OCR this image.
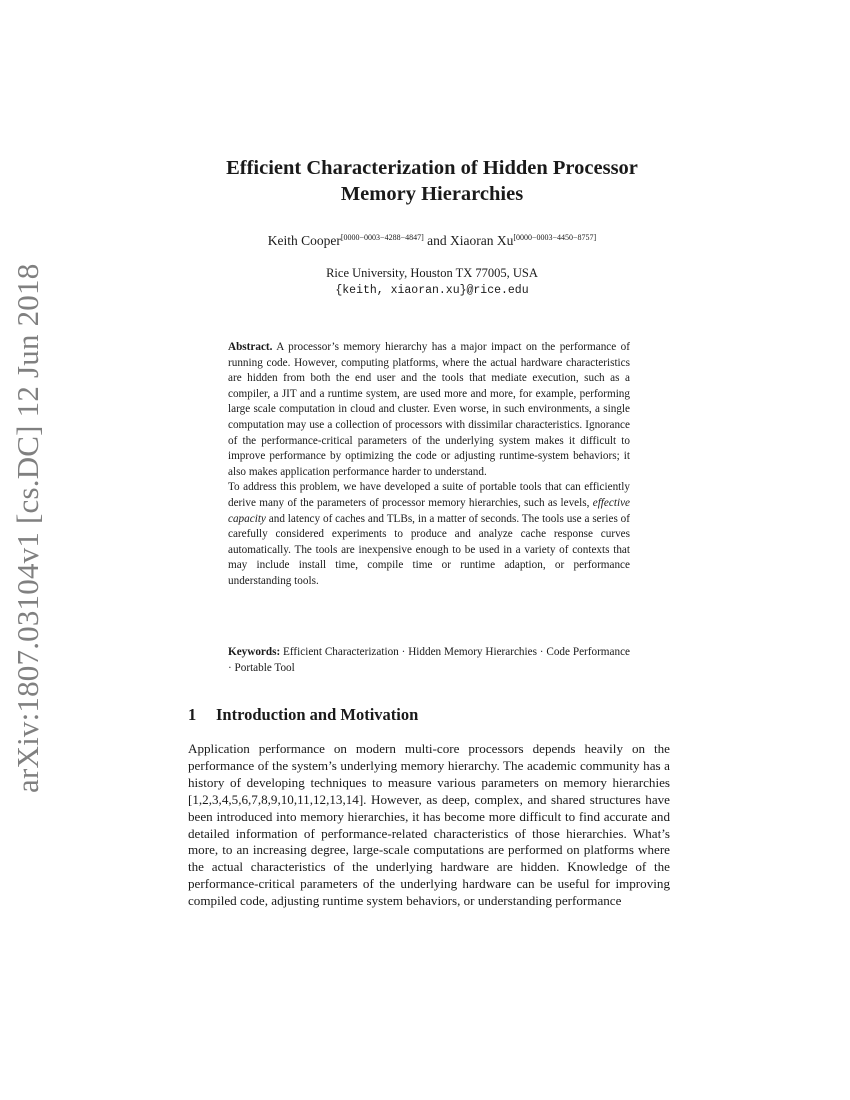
arXiv:1807.03104v1 [cs.DC] 12 Jun 2018
Efficient Characterization of Hidden Processor
Memory Hierarchies
Keith Cooper[0000−0003−4288−4847] and Xiaoran Xu[0000−0003−4450−8757]
Rice University, Houston TX 77005, USA
{keith, xiaoran.xu}@rice.edu

Abstract. A processor’s memory hierarchy has a major impact on the performance of running code. However, computing platforms, where the actual hardware characteristics are hidden from both the end user and the tools that mediate execution, such as a compiler, a JIT and a runtime system, are used more and more, for example, performing large scale computation in cloud and cluster. Even worse, in such environments, a single computation may use a collection of processors with dissimilar characteristics. Ignorance of the performance-critical parameters of the underlying system makes it difficult to improve performance by optimizing the code or adjusting runtime-system behaviors; it also makes application performance harder to understand.

To address this problem, we have developed a suite of portable tools that can efficiently derive many of the parameters of processor memory hierarchies, such as levels, effective capacity and latency of caches and TLBs, in a matter of seconds. The tools use a series of carefully considered experiments to produce and analyze cache response curves automatically. The tools are inexpensive enough to be used in a variety of contexts that may include install time, compile time or runtime adaption, or performance understanding tools.

Keywords: Efficient Characterization · Hidden Memory Hierarchies · Code Performance · Portable Tool
1 Introduction and Motivation

Application performance on modern multi-core processors depends heavily on the performance of the system’s underlying memory hierarchy. The academic community has a history of developing techniques to measure various parameters on memory hierarchies [1,2,3,4,5,6,7,8,9,10,11,12,13,14]. However, as deep, complex, and shared structures have been introduced into memory hierarchies, it has become more difficult to find accurate and detailed information of performance-related characteristics of those hierarchies. What’s more, to an increasing degree, large-scale computations are performed on platforms where the actual characteristics of the underlying hardware are hidden. Knowledge of the performance-critical parameters of the underlying hardware can be useful for improving compiled code, adjusting runtime system behaviors, or understanding performance
